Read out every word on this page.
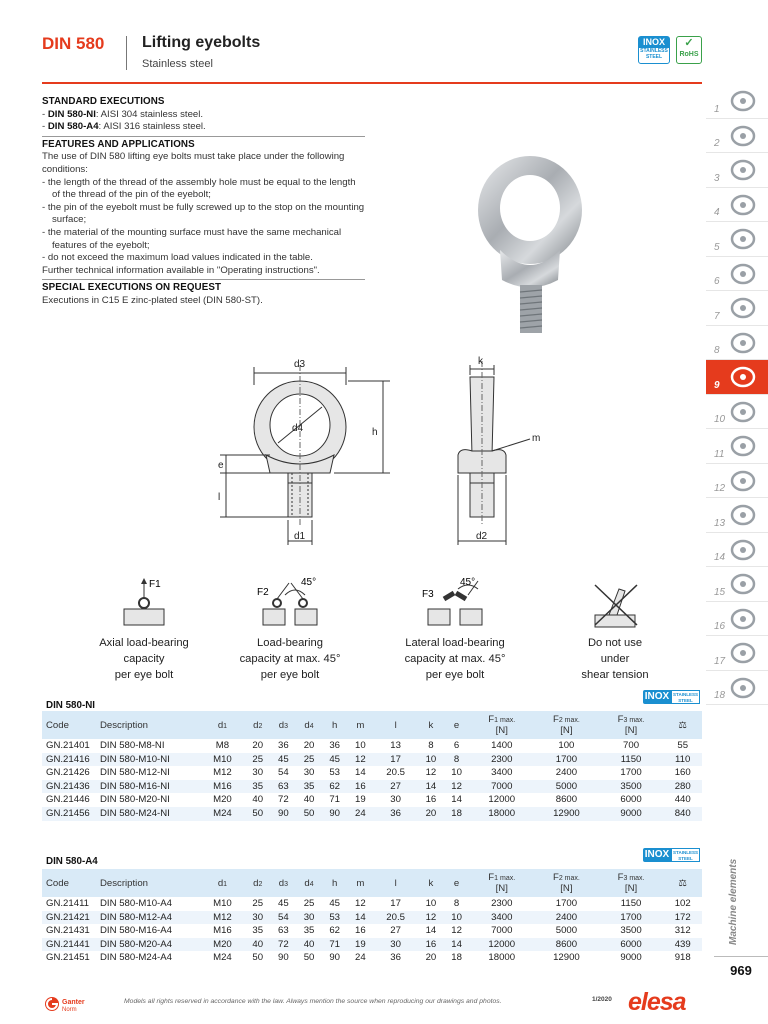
DIN 580 Lifting eyebolts
Stainless steel
INOX
STAINLESS STEEL
✓
RoHS
STANDARD EXECUTIONS

- DIN 580-NI: AISI 304 stainless steel.

- DIN 580-A4: AISI 316 stainless steel.

FEATURES AND APPLICATIONS

The use of DIN 580 lifting eye bolts must take place under the following conditions:

- the length of the thread of the assembly hole must be equal to the length of the thread of the pin of the eyebolt;

- the pin of the eyebolt must be fully screwed up to the stop on the mounting surface;

- the material of the mounting surface must have the same mechanical features of the eyebolt;

- do not exceed the maximum load values indicated in the table.

Further technical information available in "Operating instructions".

SPECIAL EXECUTIONS ON REQUEST

Executions in C15 E zinc-plated steel (DIN 580-ST).

d3
d4	h
e
l
d1
k
m
d2
F1
Axial load-bearing
capacity
per eye bolt
F2
45°
Load-bearing
capacity at max. 45°
per eye bolt
F3
45°
Lateral load-bearing
capacity at max. 45°
per eye bolt
Do not use
under
shear tension
1
2
3
4
5
6
7
8
9
10
11
12
13
14
15
16
17
18
Machine elements
969
DIN 580-NI
INOX STAINLESS STEEL
Code	Description	d1	d2	d3	d4	h	m	l	k	e	F1 max.
[N]	F2 max.
[N]	F3 max.
[N]	⚖
GN.21401	DIN 580-M8-NI	M8	20	36	20	36	10	13	8	6	1400	100	700	55
GN.21416	DIN 580-M10-NI	M10	25	45	25	45	12	17	10	8	2300	1700	1150	110
GN.21426	DIN 580-M12-NI	M12	30	54	30	53	14	20.5	12	10	3400	2400	1700	160
GN.21436	DIN 580-M16-NI	M16	35	63	35	62	16	27	14	12	7000	5000	3500	280
GN.21446	DIN 580-M20-NI	M20	40	72	40	71	19	30	16	14	12000	8600	6000	440
GN.21456	DIN 580-M24-NI	M24	50	90	50	90	24	36	20	18	18000	12900	9000	840
DIN 580-A4
INOX STAINLESS STEEL
Code	Description	d1	d2	d3	d4	h	m	l	k	e	F1 max.
[N]	F2 max.
[N]	F3 max.
[N]	⚖
GN.21411	DIN 580-M10-A4	M10	25	45	25	45	12	17	10	8	2300	1700	1150	102
GN.21421	DIN 580-M12-A4	M12	30	54	30	53	14	20.5	12	10	3400	2400	1700	172
GN.21431	DIN 580-M16-A4	M16	35	63	35	62	16	27	14	12	7000	5000	3500	312
GN.21441	DIN 580-M20-A4	M20	40	72	40	71	19	30	16	14	12000	8600	6000	439
GN.21451	DIN 580-M24-A4	M24	50	90	50	90	24	36	20	18	18000	12900	9000	918
Ganter
Norm
Models all rights reserved in accordance with the law. Always mention the source when reproducing our drawings and photos.	1/2020 elesa
